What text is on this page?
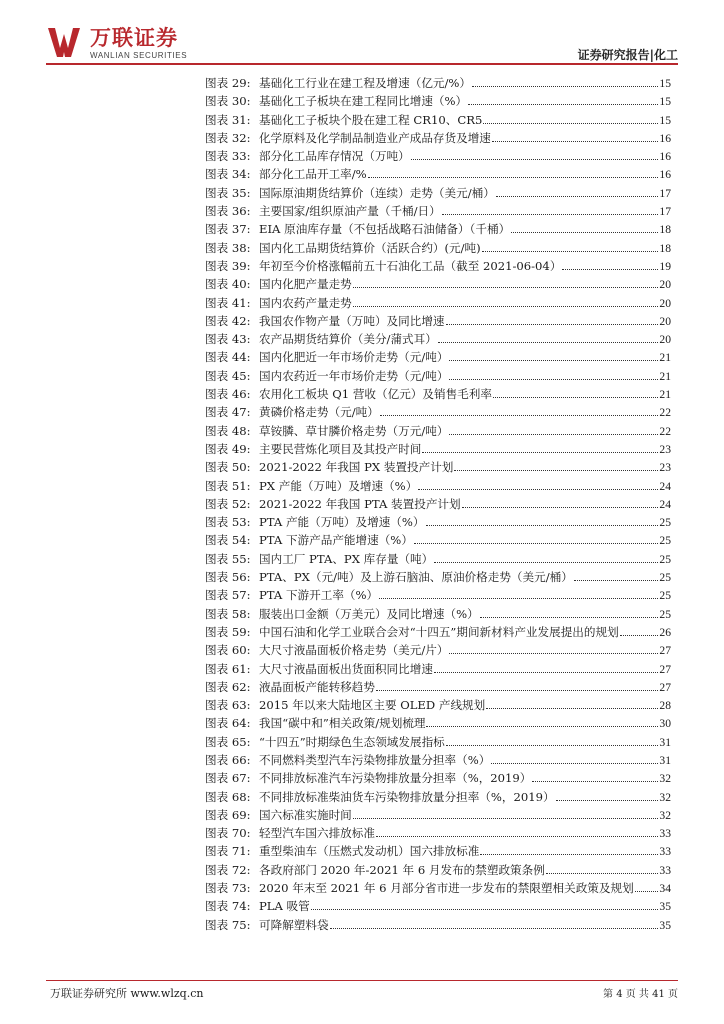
万联证券
WANLIAN SECURITIES	证券研究报告|化工
图表 29: 基础化工行业在建工程及增速（亿元/%）	15
图表 30: 基础化工子板块在建工程同比增速（%）	15
图表 31: 基础化工子板块个股在建工程 CR10、CR5	15
图表 32: 化学原料及化学制品制造业产成品存货及增速	16
图表 33: 部分化工品库存情况（万吨）	16
图表 34: 部分化工品开工率/%	16
图表 35: 国际原油期货结算价（连续）走势（美元/桶）	17
图表 36: 主要国家/组织原油产量（千桶/日）	17
图表 37: EIA 原油库存量（不包括战略石油储备）（千桶）	18
图表 38: 国内化工品期货结算价（活跃合约）(元/吨)	18
图表 39: 年初至今价格涨幅前五十石油化工品（截至 2021-06-04）	19
图表 40: 国内化肥产量走势	20
图表 41: 国内农药产量走势	20
图表 42: 我国农作物产量（万吨）及同比增速	20
图表 43: 农产品期货结算价（美分/蒲式耳）	20
图表 44: 国内化肥近一年市场价走势（元/吨）	21
图表 45: 国内农药近一年市场价走势（元/吨）	21
图表 46: 农用化工板块 Q1 营收（亿元）及销售毛利率	21
图表 47: 黄磷价格走势（元/吨）	22
图表 48: 草铵膦、草甘膦价格走势（万元/吨）	22
图表 49: 主要民营炼化项目及其投产时间	23
图表 50: 2021-2022 年我国 PX 装置投产计划	23
图表 51: PX 产能（万吨）及增速（%）	24
图表 52: 2021-2022 年我国 PTA 装置投产计划	24
图表 53: PTA 产能（万吨）及增速（%）	25
图表 54: PTA 下游产品产能增速（%）	25
图表 55: 国内工厂 PTA、PX 库存量（吨）	25
图表 56: PTA、PX（元/吨）及上游石脑油、原油价格走势（美元/桶）	25
图表 57: PTA 下游开工率（%）	25
图表 58: 服装出口金额（万美元）及同比增速（%）	25
图表 59: 中国石油和化学工业联合会对“十四五”期间新材料产业发展提出的规划	26
图表 60: 大尺寸液晶面板价格走势（美元/片）	27
图表 61: 大尺寸液晶面板出货面积同比增速	27
图表 62: 液晶面板产能转移趋势	27
图表 63: 2015 年以来大陆地区主要 OLED 产线规划	28
图表 64: 我国“碳中和”相关政策/规划梳理	30
图表 65: “十四五”时期绿色生态领域发展指标	31
图表 66: 不同燃料类型汽车污染物排放量分担率（%）	31
图表 67: 不同排放标准汽车污染物排放量分担率（%，2019）	32
图表 68: 不同排放标准柴油货车污染物排放量分担率（%，2019）	32
图表 69: 国六标准实施时间	32
图表 70: 轻型汽车国六排放标准	33
图表 71: 重型柴油车（压燃式发动机）国六排放标准	33
图表 72: 各政府部门 2020 年-2021 年 6 月发布的禁塑政策条例	33
图表 73: 2020 年末至 2021 年 6 月部分省市进一步发布的禁限塑相关政策及规划 34
图表 74: PLA 吸管	35
图表 75: 可降解塑料袋	35
万联证券研究所 www.wlzq.cn	第 4 页 共 41 页
